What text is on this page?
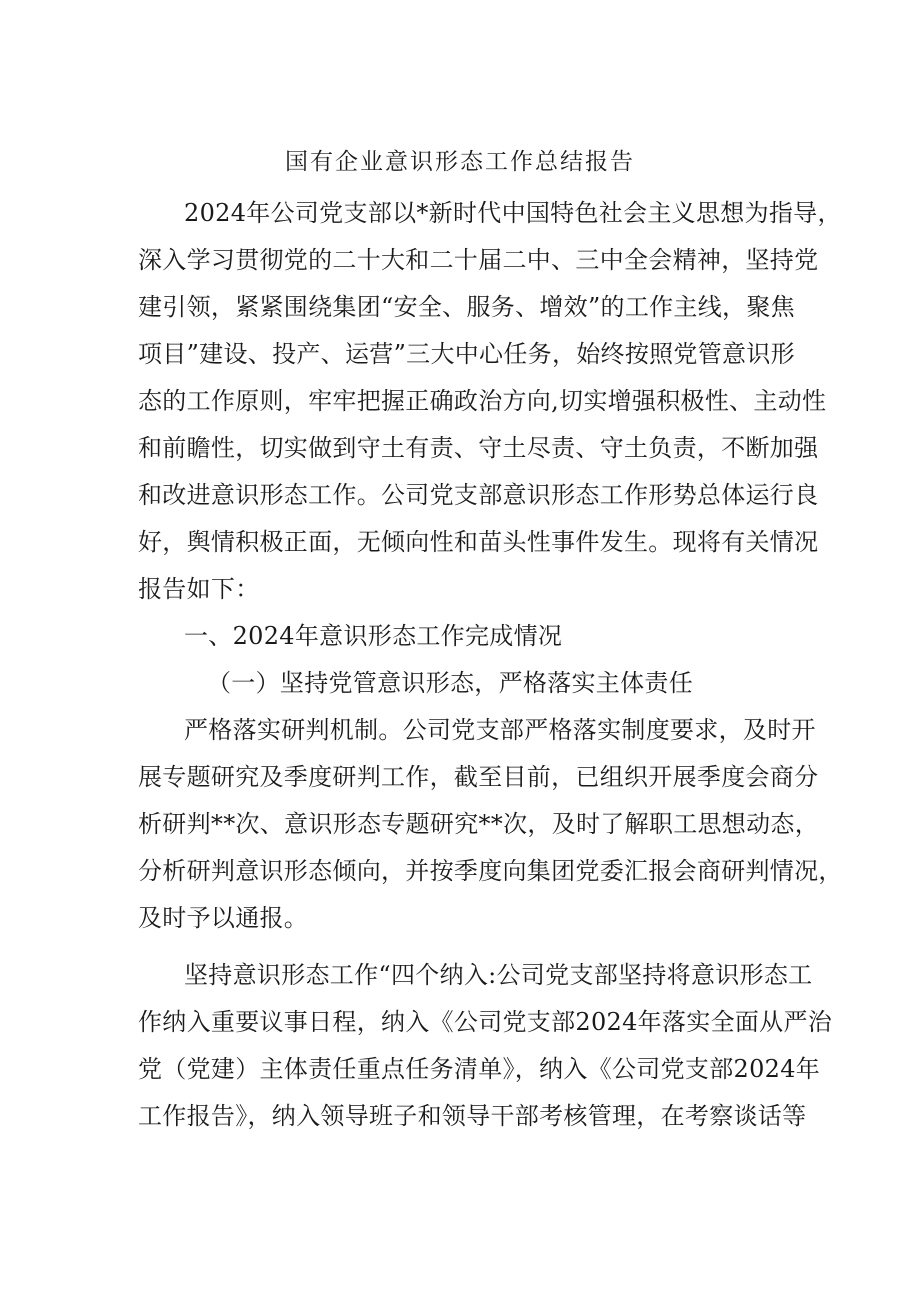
国有企业意识形态工作总结报告
2024年公司党支部以*新时代中国特色社会主义思想为指导，
深入学习贯彻党的二十大和二十届二中、三中全会精神，坚持党
建引领，紧紧围绕集团“安全、服务、增效”的工作主线，聚焦
项目”建设、投产、运营”三大中心任务，始终按照党管意识形
态的工作原则，牢牢把握正确政治方向,切实增强积极性、主动性
和前瞻性，切实做到守土有责、守土尽责、守土负责，不断加强
和改进意识形态工作。公司党支部意识形态工作形势总体运行良
好，舆情积极正面，无倾向性和苗头性事件发生。现将有关情况
报告如下：
一、2024年意识形态工作完成情况
（一）坚持党管意识形态，严格落实主体责任
严格落实研判机制。公司党支部严格落实制度要求，及时开
展专题研究及季度研判工作，截至目前，已组织开展季度会商分
析研判**次、意识形态专题研究**次，及时了解职工思想动态，
分析研判意识形态倾向，并按季度向集团党委汇报会商研判情况，
及时予以通报。
坚持意识形态工作“四个纳入:公司党支部坚持将意识形态工
作纳入重要议事日程，纳入《公司党支部2024年落实全面从严治
党（党建）主体责任重点任务清单》，纳入《公司党支部2024年
工作报告》，纳入领导班子和领导干部考核管理，在考察谈话等
